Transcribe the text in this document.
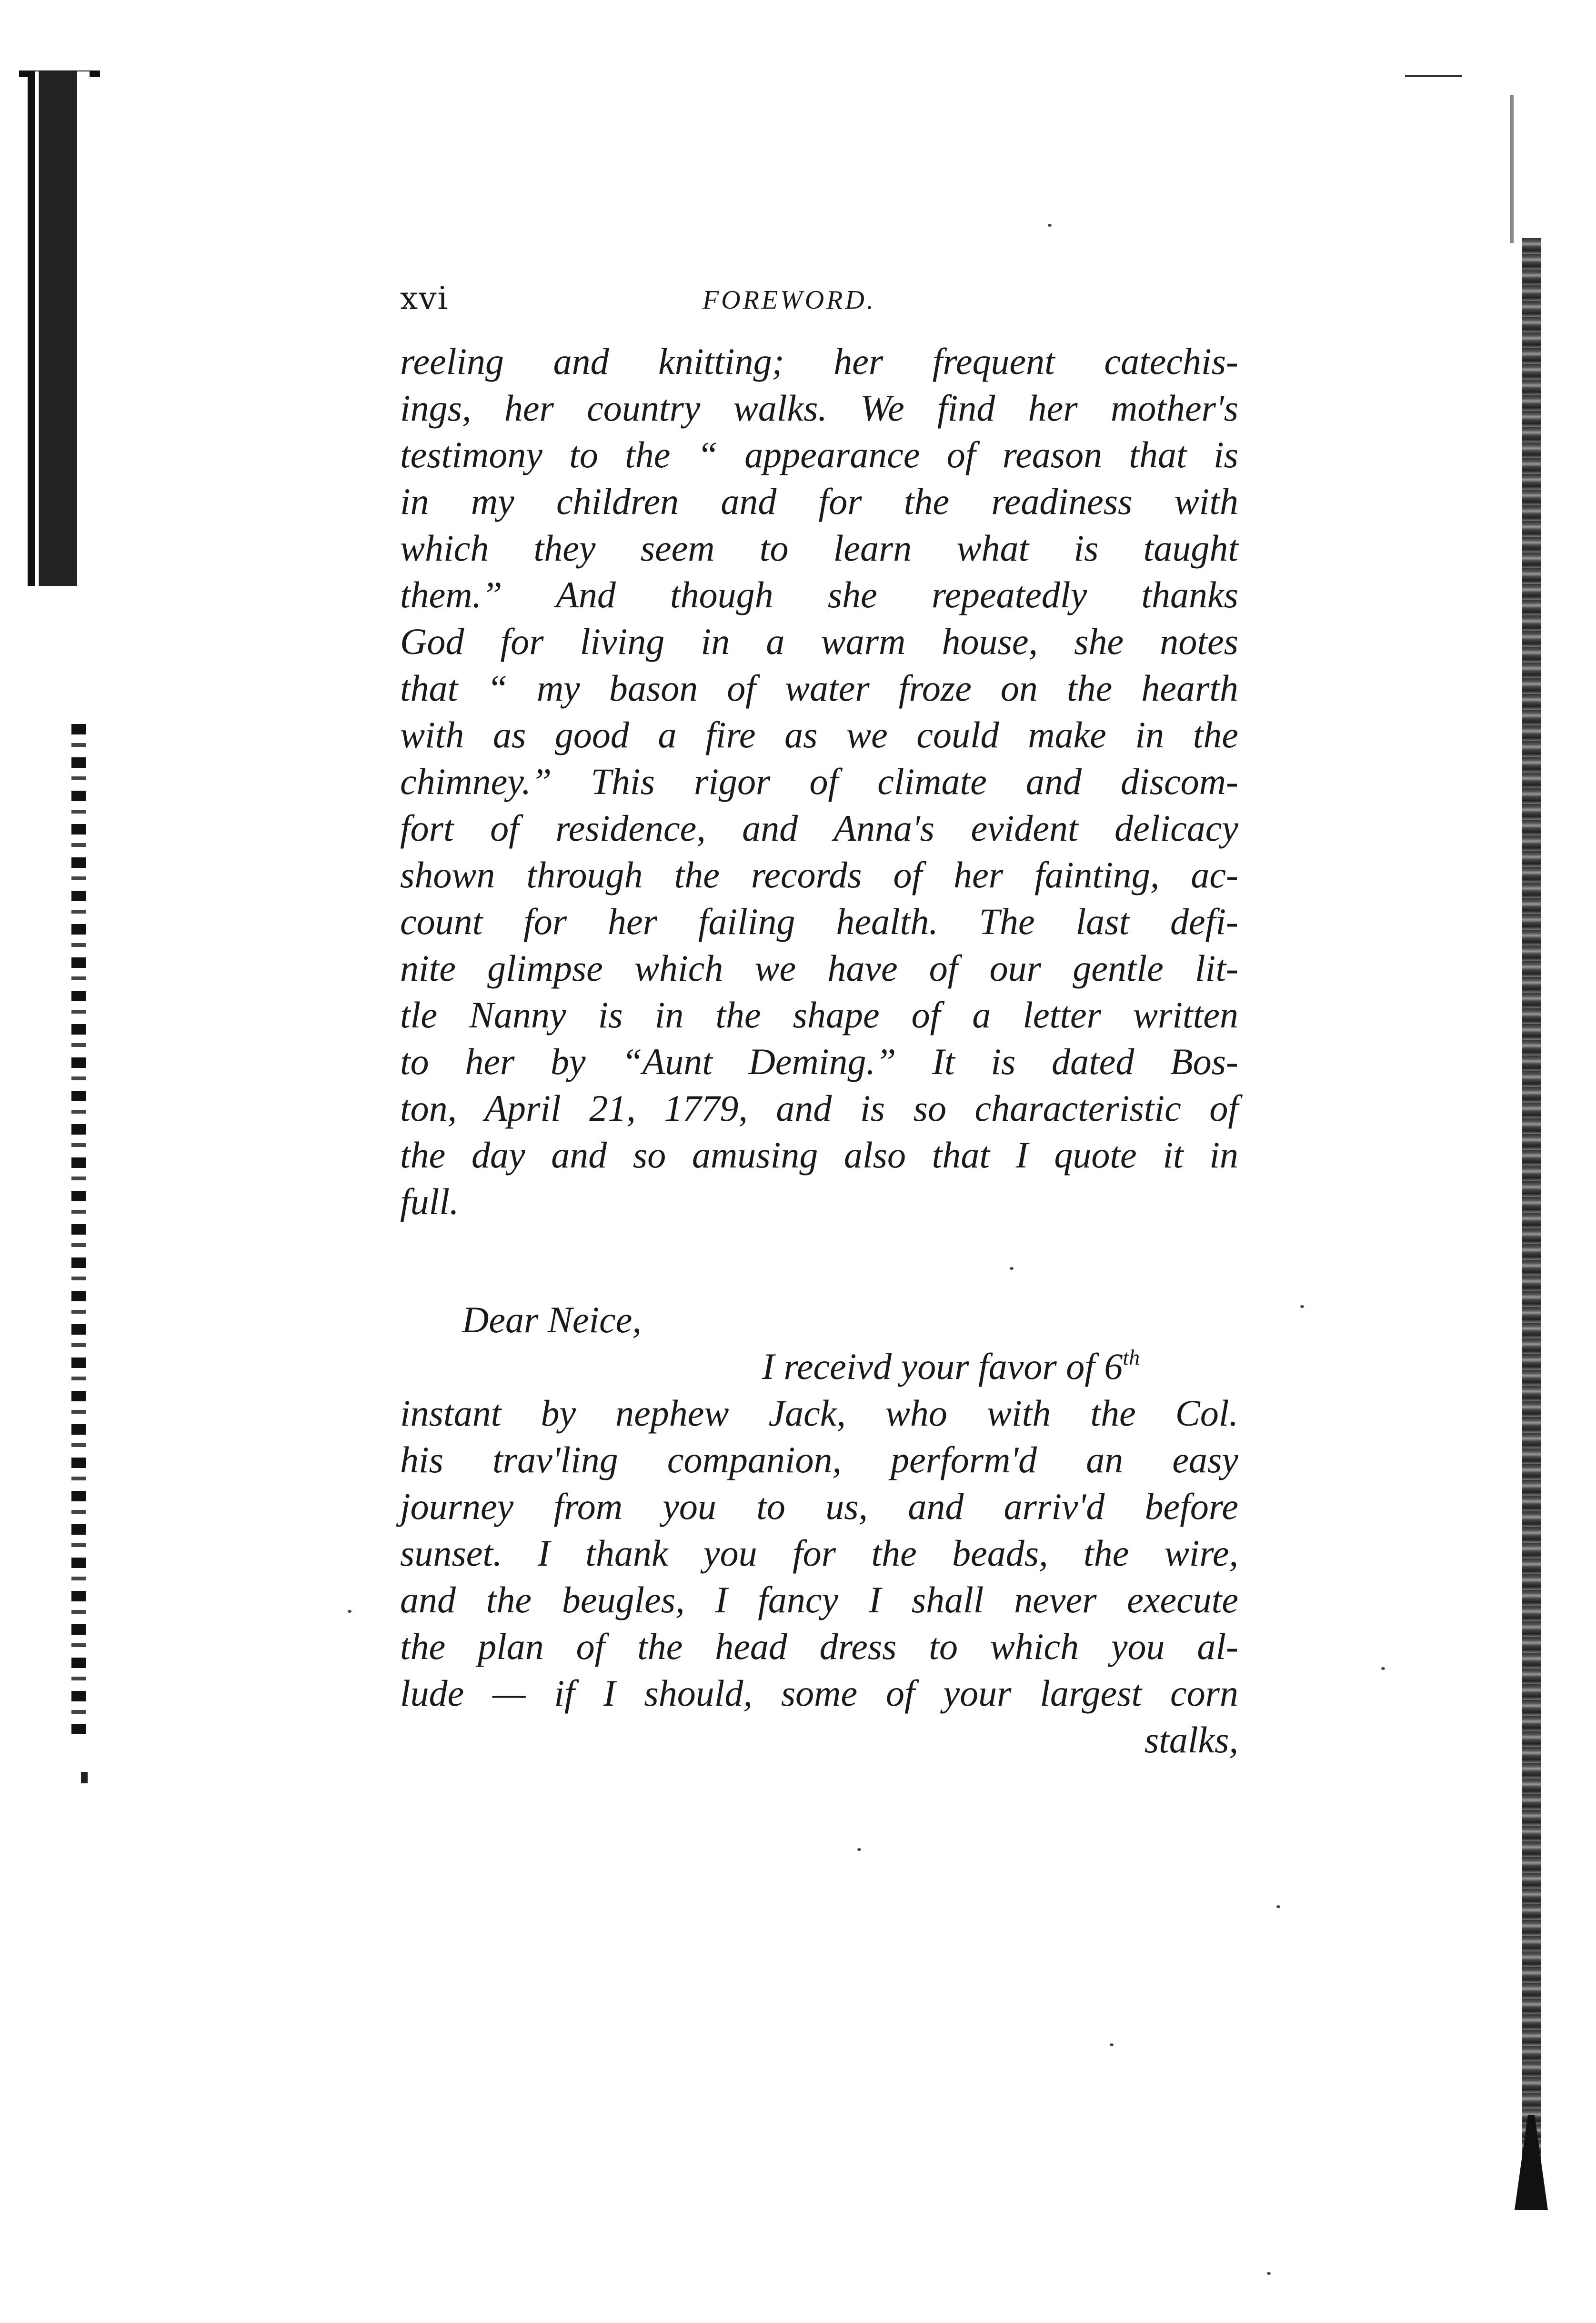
xvi	FOREWORD.
reeling and knitting; her frequent catechis-
ings, her country walks. We find her mother's
testimony to the “ appearance of reason that is
in my children and for the readiness with
which they seem to learn what is taught
them.” And though she repeatedly thanks
God for living in a warm house, she notes
that “ my bason of water froze on the hearth
with as good a fire as we could make in the
chimney.” This rigor of climate and discom-
fort of residence, and Anna's evident delicacy
shown through the records of her fainting, ac-
count for her failing health. The last defi-
nite glimpse which we have of our gentle lit-
tle Nanny is in the shape of a letter written
to her by “Aunt Deming.” It is dated Bos-
ton, April 21, 1779, and is so characteristic of
the day and so amusing also that I quote it in
full.
Dear Neice,
I receivd your favor of 6th
instant by nephew Jack, who with the Col.
his trav'ling companion, perform'd an easy
journey from you to us, and arriv'd before
sunset. I thank you for the beads, the wire,
and the beugles, I fancy I shall never execute
the plan of the head dress to which you al-
lude — if I should, some of your largest corn
stalks,
